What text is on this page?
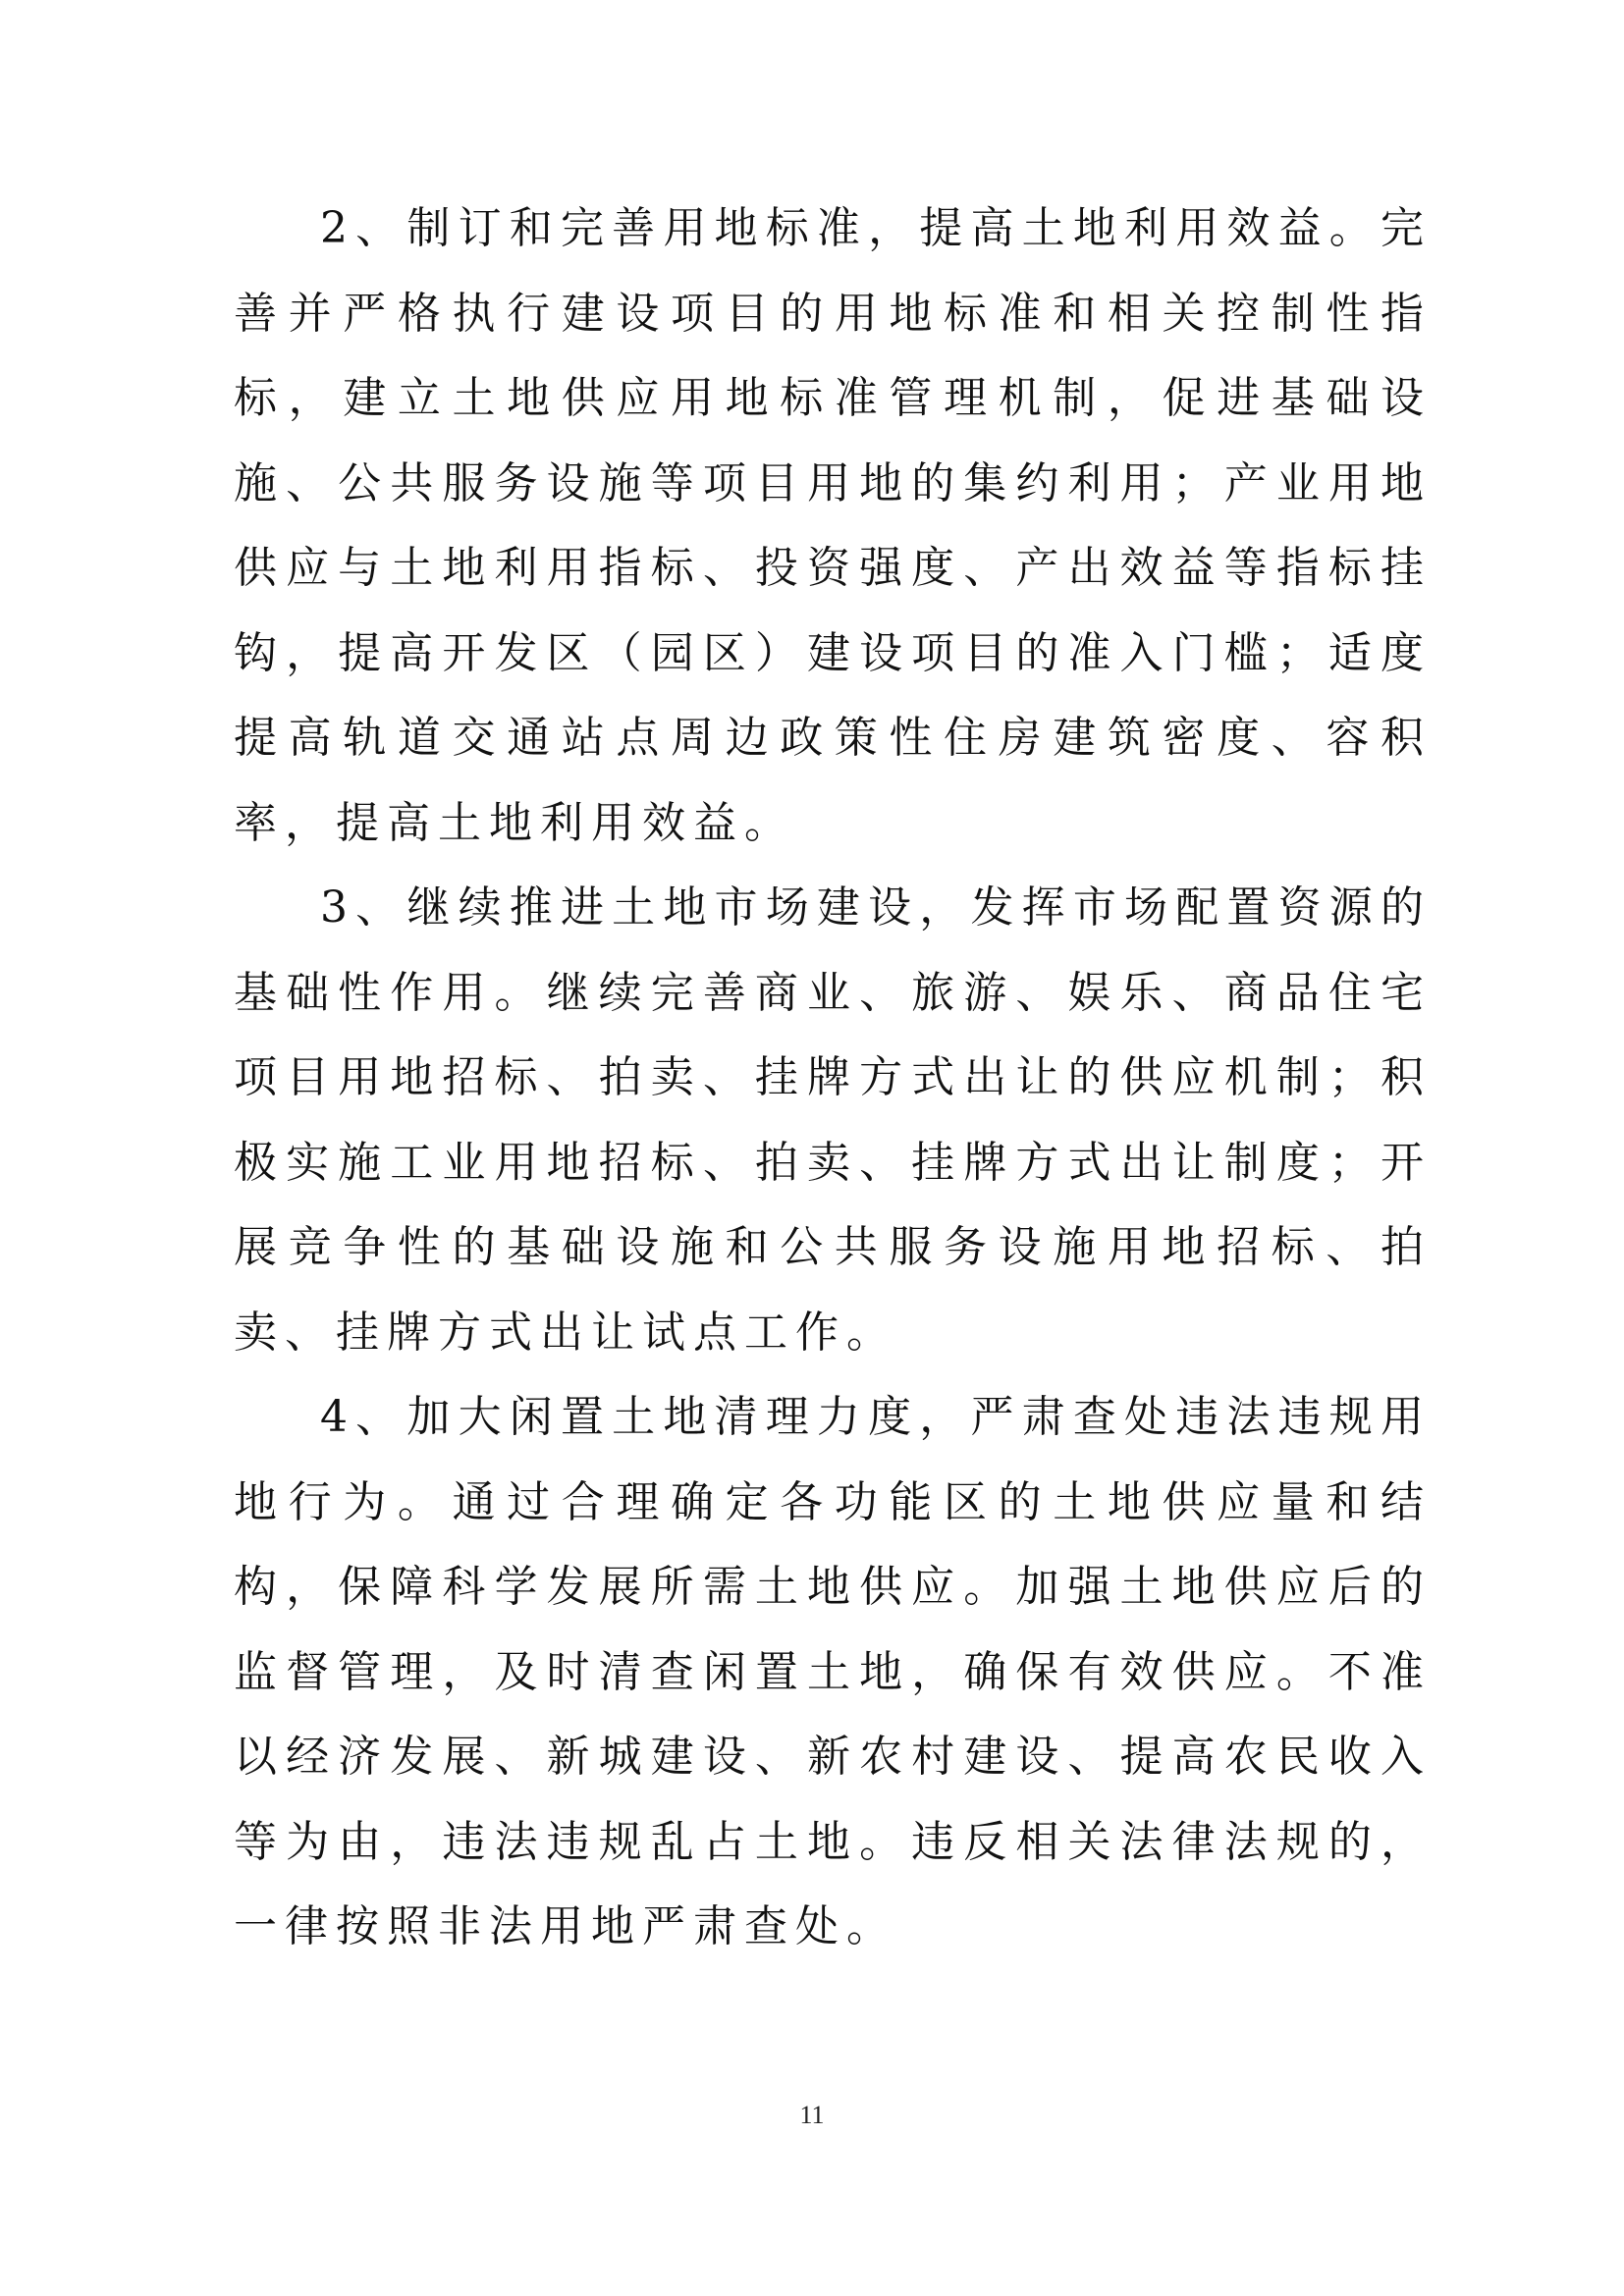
2、制订和完善用地标准，提高土地利用效益。完善并严格执行建设项目的用地标准和相关控制性指标，建立土地供应用地标准管理机制，促进基础设施、公共服务设施等项目用地的集约利用；产业用地供应与土地利用指标、投资强度、产出效益等指标挂钩，提高开发区（园区）建设项目的准入门槛；适度提高轨道交通站点周边政策性住房建筑密度、容积率，提高土地利用效益。

3、继续推进土地市场建设，发挥市场配置资源的基础性作用。继续完善商业、旅游、娱乐、商品住宅项目用地招标、拍卖、挂牌方式出让的供应机制；积极实施工业用地招标、拍卖、挂牌方式出让制度；开展竞争性的基础设施和公共服务设施用地招标、拍卖、挂牌方式出让试点工作。

4、加大闲置土地清理力度，严肃查处违法违规用地行为。通过合理确定各功能区的土地供应量和结构，保障科学发展所需土地供应。加强土地供应后的监督管理，及时清查闲置土地，确保有效供应。不准以经济发展、新城建设、新农村建设、提高农民收入等为由，违法违规乱占土地。违反相关法律法规的，一律按照非法用地严肃查处。

11
